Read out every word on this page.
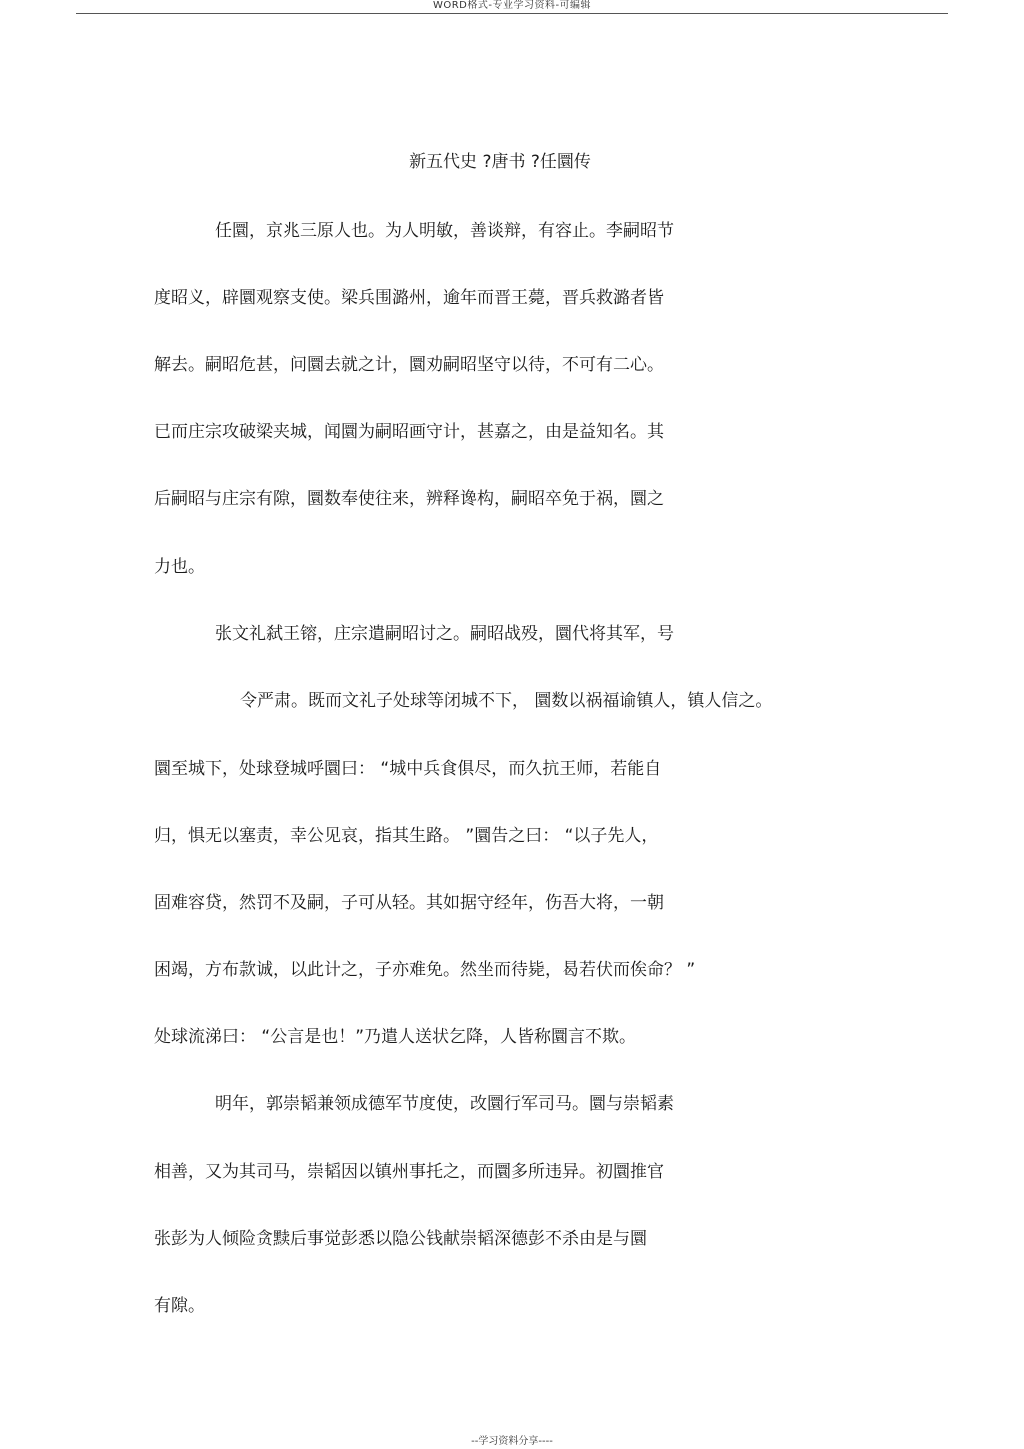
WORD格式-专业学习资料-可编辑
新五代史 ?唐书 ?任圜传
任圜，京兆三原人也。为人明敏，善谈辩，有容止。李嗣昭节
度昭义，辟圜观察支使。梁兵围潞州，逾年而晋王薨，晋兵救潞者皆
解去。嗣昭危甚，问圜去就之计，圜劝嗣昭坚守以待，不可有二心。
已而庄宗攻破梁夹城，闻圜为嗣昭画守计，甚嘉之，由是益知名。其
后嗣昭与庄宗有隙，圜数奉使往来，辨释谗构，嗣昭卒免于祸，圜之
力也。
张文礼弑王镕，庄宗遣嗣昭讨之。嗣昭战殁，圜代将其军，号
令严肃。既而文礼子处球等闭城不下， 圜数以祸福谕镇人，镇人信之。
圜至城下，处球登城呼圜曰： “城中兵食俱尽，而久抗王师，若能自
归，惧无以塞责，幸公见哀，指其生路。 ”圜告之曰： “以子先人，
固难容贷，然罚不及嗣，子可从轻。其如据守经年，伤吾大将，一朝
困竭，方布款诚，以此计之，子亦难免。然坐而待毙，曷若伏而俟命？ ”
处球流涕曰： “公言是也！”乃遣人送状乞降，人皆称圜言不欺。
明年，郭崇韬兼领成德军节度使，改圜行军司马。圜与崇韬素
相善，又为其司马，崇韬因以镇州事托之，而圜多所违异。初圜推官
张彭为人倾险贪黩后事觉彭悉以隐公钱献崇韬深德彭不杀由是与圜
有隙。
--学习资料分享----
